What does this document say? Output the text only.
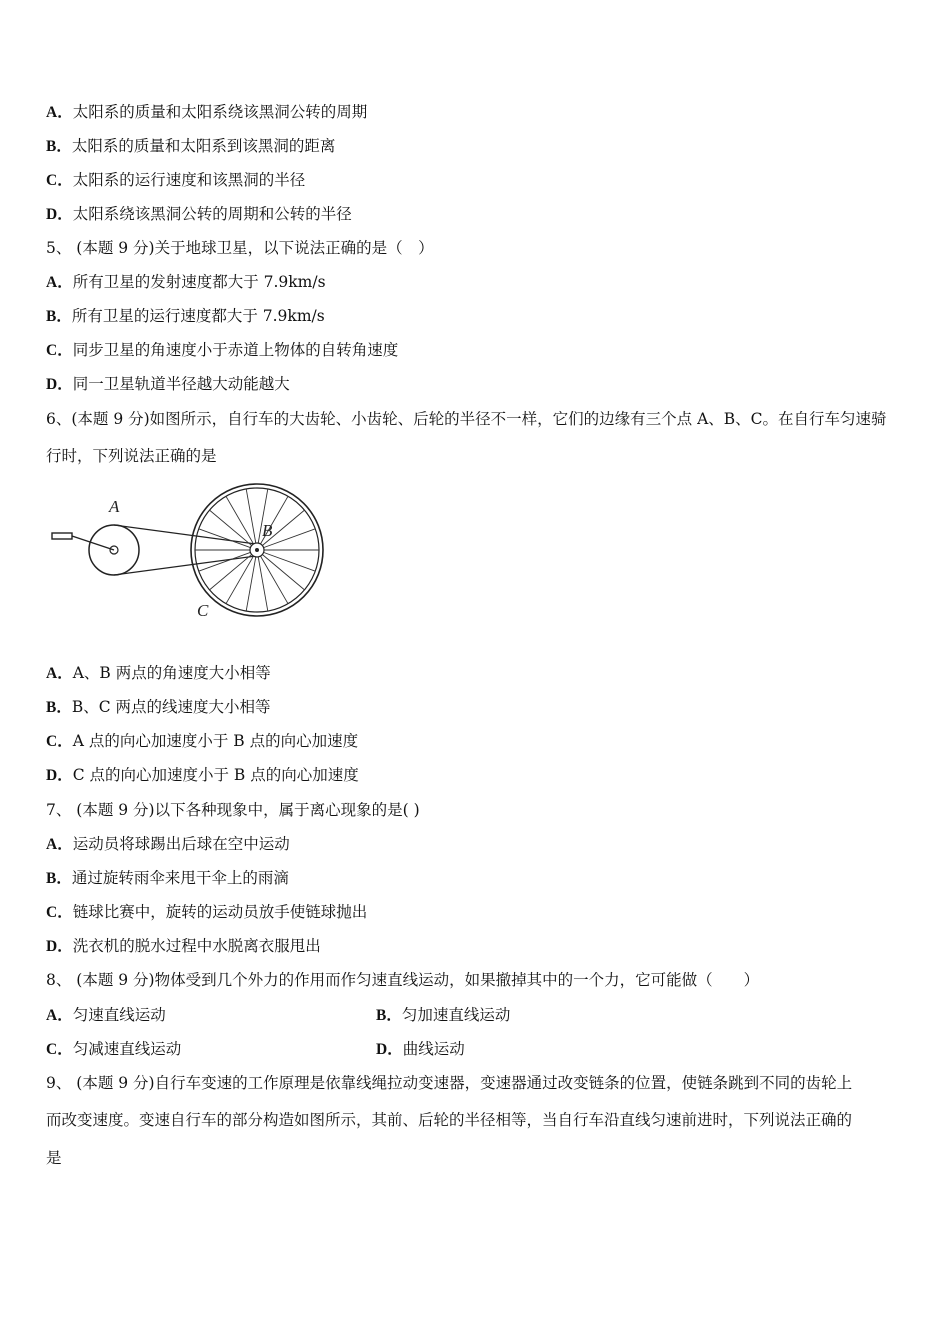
A．太阳系的质量和太阳系绕该黑洞公转的周期
B．太阳系的质量和太阳系到该黑洞的距离
C．太阳系的运行速度和该黑洞的半径
D．太阳系绕该黑洞公转的周期和公转的半径
5、 (本题 9 分)关于地球卫星，以下说法正确的是（　）
A．所有卫星的发射速度都大于 7.9km/s
B．所有卫星的运行速度都大于 7.9km/s
C．同步卫星的角速度小于赤道上物体的自转角速度
D．同一卫星轨道半径越大动能越大
6、(本题 9 分)如图所示，自行车的大齿轮、小齿轮、后轮的半径不一样，它们的边缘有三个点 A、B、C。在自行车匀速骑
行时，下列说法正确的是
A
B
C
A．A、B 两点的角速度大小相等
B．B、C 两点的线速度大小相等
C．A 点的向心加速度小于 B 点的向心加速度
D．C 点的向心加速度小于 B 点的向心加速度
7、 (本题 9 分)以下各种现象中，属于离心现象的是( )
A．运动员将球踢出后球在空中运动
B．通过旋转雨伞来甩干伞上的雨滴
C．链球比赛中，旋转的运动员放手使链球抛出
D．洗衣机的脱水过程中水脱离衣服甩出
8、 (本题 9 分)物体受到几个外力的作用而作匀速直线运动，如果撤掉其中的一个力，它可能做（　　）
A．匀速直线运动	B．匀加速直线运动
C．匀减速直线运动	D．曲线运动
9、 (本题 9 分)自行车变速的工作原理是依靠线绳拉动变速器，变速器通过改变链条的位置，使链条跳到不同的齿轮上
而改变速度。变速自行车的部分构造如图所示，其前、后轮的半径相等，当自行车沿直线匀速前进时，下列说法正确的
是
